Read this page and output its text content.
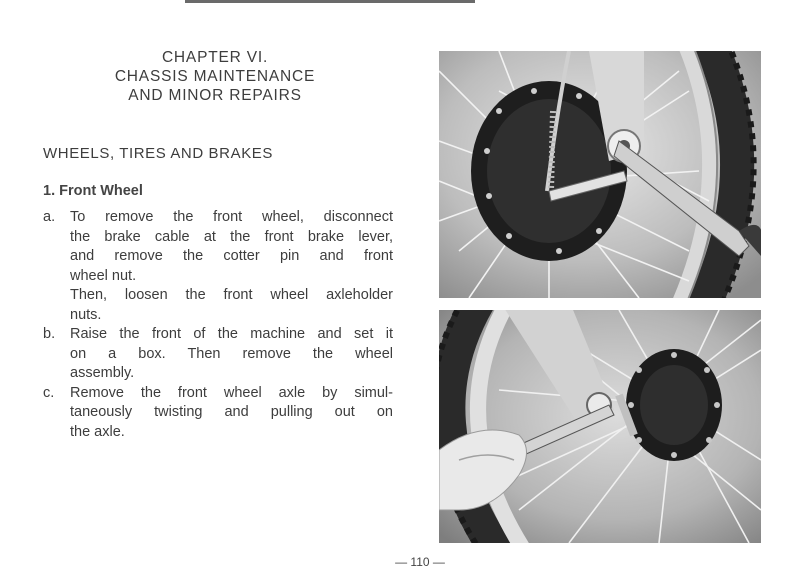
CHAPTER VI.
CHASSIS MAINTENANCE
AND MINOR REPAIRS
WHEELS, TIRES AND BRAKES
1. Front Wheel
a. To remove the front wheel, disconnect
the brake cable at the front brake lever,
and remove the cotter pin and front
wheel nut.
Then, loosen the front wheel axleholder
nuts.
b. Raise the front of the machine and set it
on a box. Then remove the wheel
assembly.
c. Remove the front wheel axle by simul-
taneously twisting and pulling out on
the axle.
— 110 —
